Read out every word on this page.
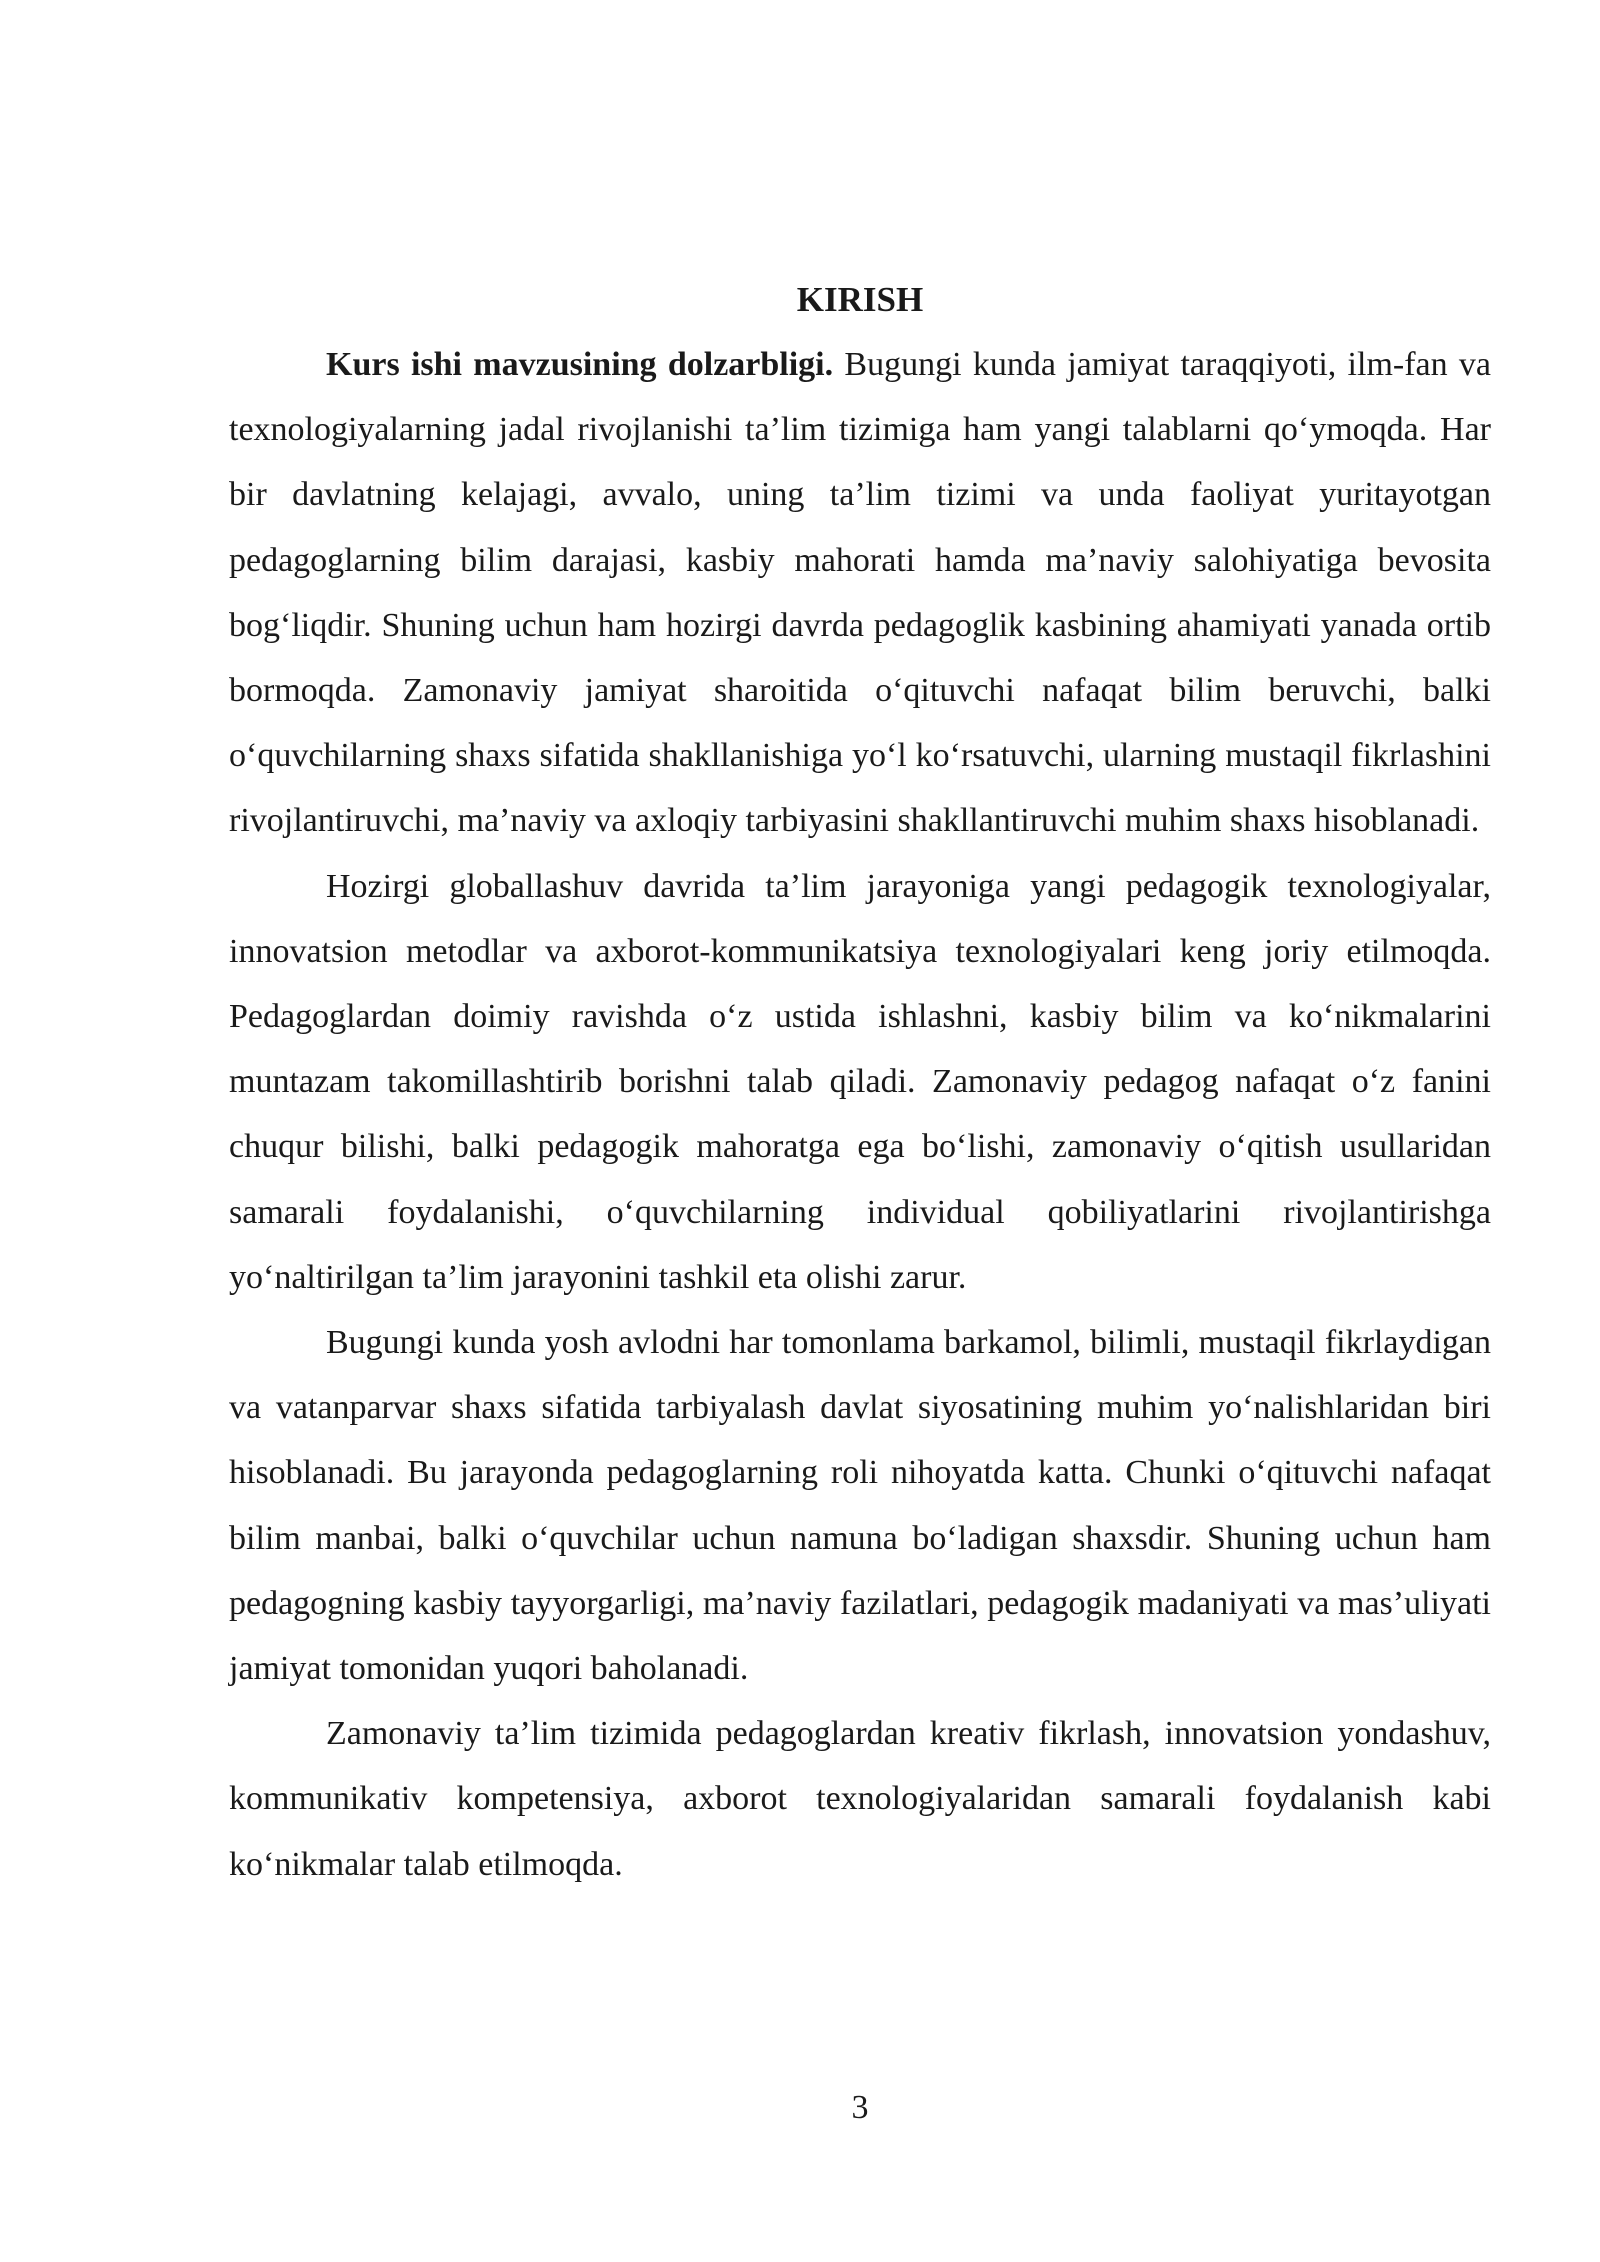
KIRISH

Kurs ishi mavzusining dolzarbligi. Bugungi kunda jamiyat taraqqiyoti, ilm-fan va texnologiyalarning jadal rivojlanishi ta’lim tizimiga ham yangi talablarni qo‘ymoqda. Har bir davlatning kelajagi, avvalo, uning ta’lim tizimi va unda faoliyat yuritayotgan pedagoglarning bilim darajasi, kasbiy mahorati hamda ma’naviy salohiyatiga bevosita bog‘liqdir. Shuning uchun ham hozirgi davrda pedagoglik kasbining ahamiyati yanada ortib bormoqda. Zamonaviy jamiyat sharoitida o‘qituvchi nafaqat bilim beruvchi, balki o‘quvchilarning shaxs sifatida shakllanishiga yo‘l ko‘rsatuvchi, ularning mustaqil fikrlashini rivojlantiruvchi, ma’naviy va axloqiy tarbiyasini shakllantiruvchi muhim shaxs hisoblanadi.

Hozirgi globallashuv davrida ta’lim jarayoniga yangi pedagogik texnologiyalar, innovatsion metodlar va axborot-kommunikatsiya texnologiyalari keng joriy etilmoqda. Pedagoglardan doimiy ravishda o‘z ustida ishlashni, kasbiy bilim va ko‘nikmalarini muntazam takomillashtirib borishni talab qiladi. Zamonaviy pedagog nafaqat o‘z fanini chuqur bilishi, balki pedagogik mahoratga ega bo‘lishi, zamonaviy o‘qitish usullaridan samarali foydalanishi, o‘quvchilarning individual qobiliyatlarini rivojlantirishga yo‘naltirilgan ta’lim jarayonini tashkil eta olishi zarur.

Bugungi kunda yosh avlodni har tomonlama barkamol, bilimli, mustaqil fikrlaydigan va vatanparvar shaxs sifatida tarbiyalash davlat siyosatining muhim yo‘nalishlaridan biri hisoblanadi. Bu jarayonda pedagoglarning roli nihoyatda katta. Chunki o‘qituvchi nafaqat bilim manbai, balki o‘quvchilar uchun namuna bo‘ladigan shaxsdir. Shuning uchun ham pedagogning kasbiy tayyorgarligi, ma’naviy fazilatlari, pedagogik madaniyati va mas’uliyati jamiyat tomonidan yuqori baholanadi.

Zamonaviy ta’lim tizimida pedagoglardan kreativ fikrlash, innovatsion yondashuv, kommunikativ kompetensiya, axborot texnologiyalaridan samarali foydalanish kabi ko‘nikmalar talab etilmoqda.

3
